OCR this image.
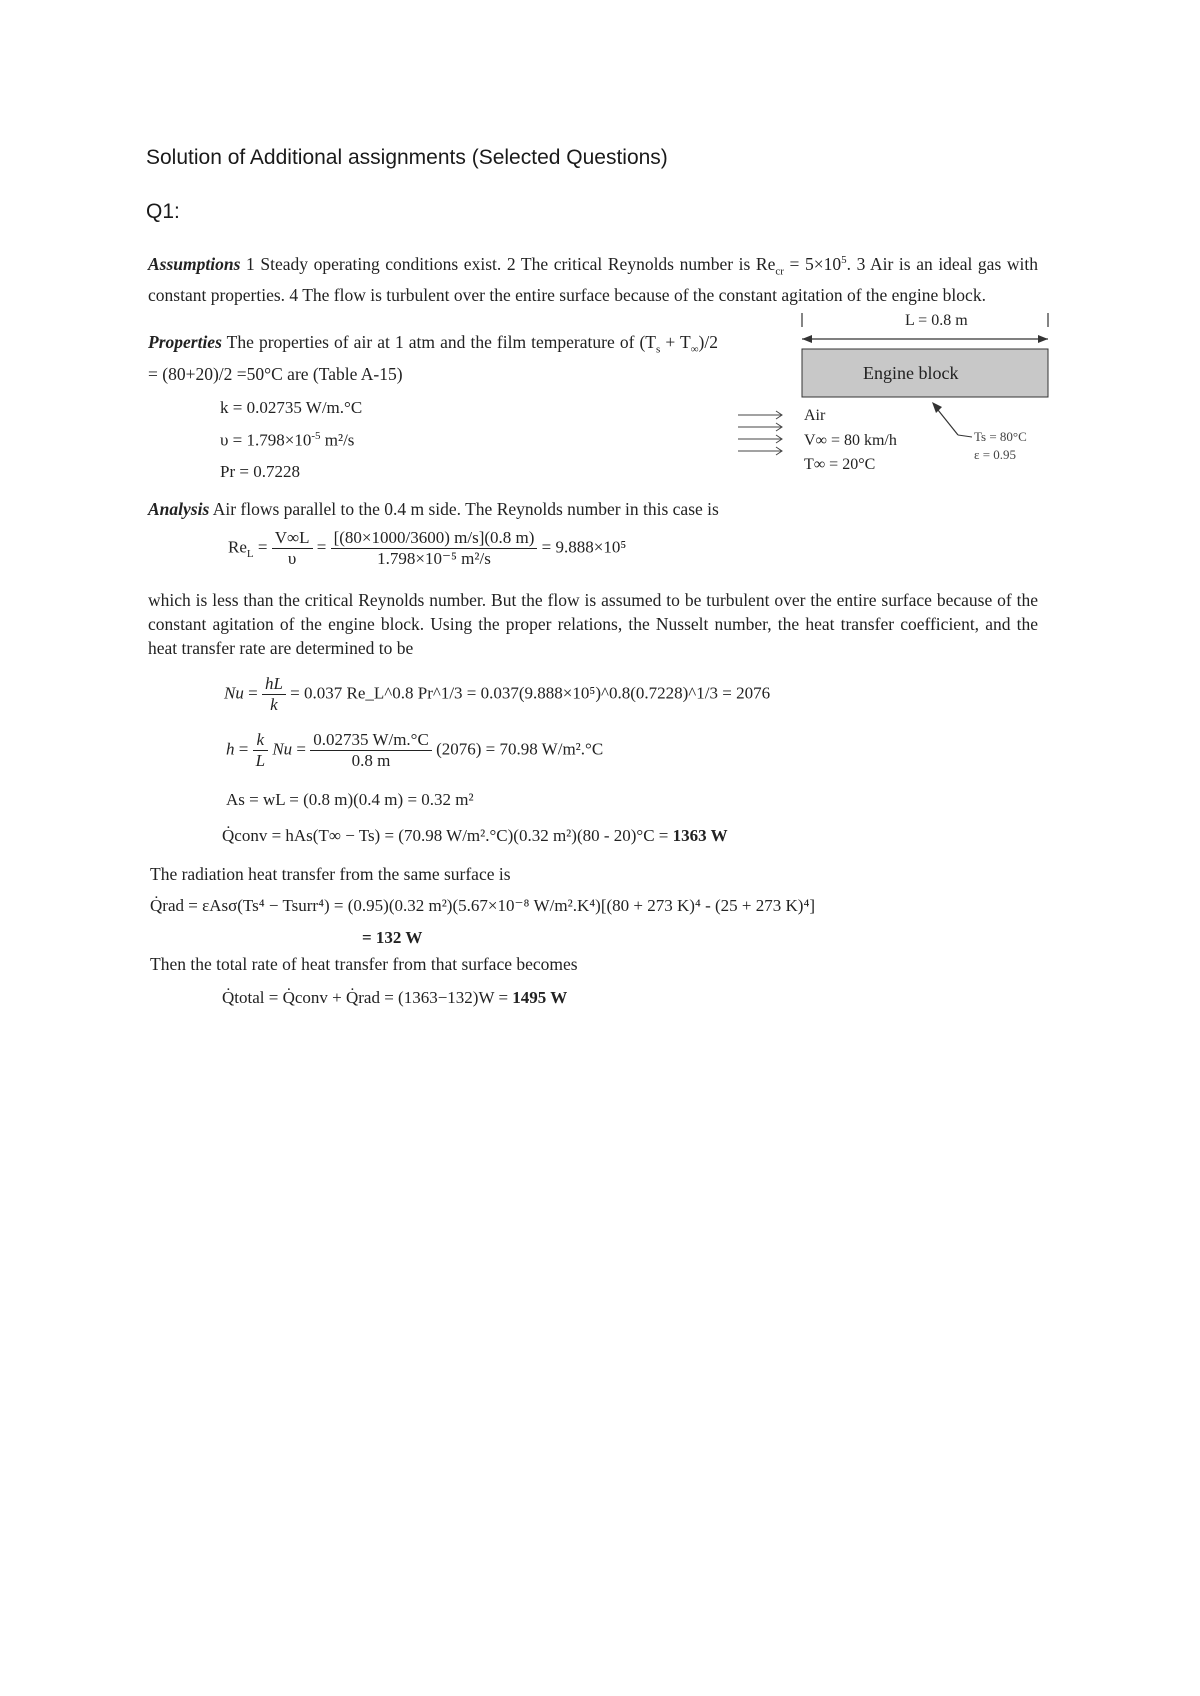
Solution of Additional assignments (Selected Questions)
Q1:
Assumptions 1 Steady operating conditions exist. 2 The critical Reynolds number is $Re_{cr} = 5\times 10^5$. 3 Air is an ideal gas with constant properties. 4 The flow is turbulent over the entire surface because of the constant agitation of the engine block.
Properties The properties of air at 1 atm and the film temperature of $(T_s + T_\infty)/2 = (80+20)/2 =50^\circ C$ are (Table A-15)
k = 0.02735 W/m.°C
$\upsilon = 1.798\times 10^{-5}$ m²/s
Pr = 0.7228
L = 0.8 m
Engine block
Air
V∞ = 80 km/h
T∞ = 20°C
Ts = 80°C
ε = 0.95
Analysis Air flows parallel to the 0.4 m side. The Reynolds number in this case is
$Re_L = \frac{V\infty L}{\upsilon} = \frac{[(80\times 1000/3600) m/s](0.8 m)}{\text{1.798×10⁻⁵ m²/s}} = 9.888\times 10^5$
which is less than the critical Reynolds number. But the flow is assumed to be turbulent over the entire surface because of the constant agitation of the engine block. Using the proper relations, the Nusselt number, the heat transfer coefficient, and the heat transfer rate are determined to be
$Nu = \frac{hL}{k} = 0.037$ Re_L^0.8 Pr^1/3 = 0.037(9.888×10⁵)^0.8(0.7228)^1/3 = 2076
$h = \frac{k}{L}$ $Nu = \frac{0.02735 W/m.^\circ C}{0.8 m} (2076) = 70.98$ W/m².°C
As = wL = (0.8 m)(0.4 m) = 0.32 m²
Q̇conv = hAs(T∞ − Ts) = (70.98 W/m².°C)(0.32 m²)(80 - 20)°C = 1363 W
The radiation heat transfer from the same surface is
Q̇rad = εAsσ(Ts⁴ − Tsurr⁴) = (0.95)(0.32 m²)(5.67×10⁻⁸ W/m².K⁴)[(80 + 273 K)⁴ - (25 + 273 K)⁴]
= 132 W
Then the total rate of heat transfer from that surface becomes
Q̇total = Q̇conv + Q̇rad = (1363−132)W = 1495 W
